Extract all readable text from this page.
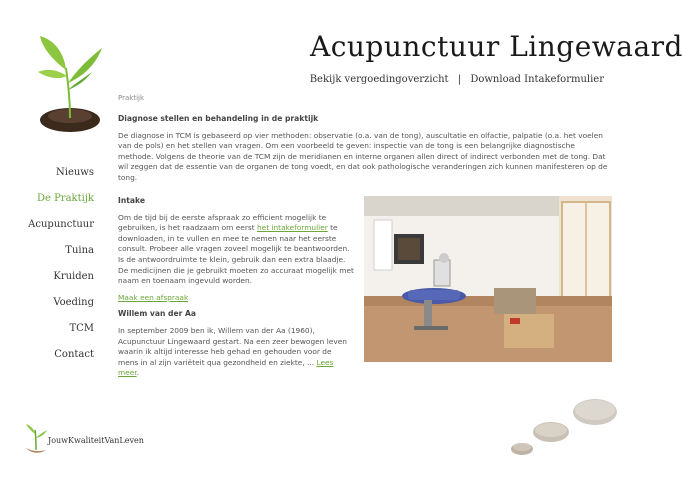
Acupunctuur Lingewaard
Bekijk vergoedingoverzicht | Download Intakeformulier
Praktijk
Nieuws
De Praktijk
Acupunctuur
Tuina
Kruiden
Voeding
TCM
Contact
Diagnose stellen en behandeling in de praktijk

De diagnose in TCM is gebaseerd op vier methoden: observatie (o.a. van de tong), auscultatie en olfactie, palpatie (o.a. het voelen van de pols) en het stellen van vragen. Om een voorbeeld te geven: inspectie van de tong is een belangrijke diagnostische methode. Volgens de theorie van de TCM zijn de meridianen en interne organen allen direct of indirect verbonden met de tong. Dat wil zeggen dat de essentie van de organen de tong voedt, en dat ook pathologische veranderingen zich kunnen manifesteren op de tong.

Intake

Om de tijd bij de eerste afspraak zo efficient mogelijk te gebruiken, is het raadzaam om eerst het intakeformulier te downloaden, in te vullen en mee te nemen naar het eerste consult. Probeer alle vragen zoveel mogelijk te beantwoorden. Is de antwoordruimte te klein, gebruik dan een extra blaadje. De medicijnen die je gebruikt moeten zo accuraat mogelijk met naam en toenaam ingevuld worden.

Maak een afspraak

Willem van der Aa

In september 2009 ben ik, Willem van der Aa (1960), Acupunctuur Lingewaard gestart. Na een zeer bewogen leven waarin ik altijd interesse heb gehad en gehouden voor de mens in al zijn variëteit qua gezondheid en ziekte, ... Lees meer.

JouwKwaliteitVanLeven
